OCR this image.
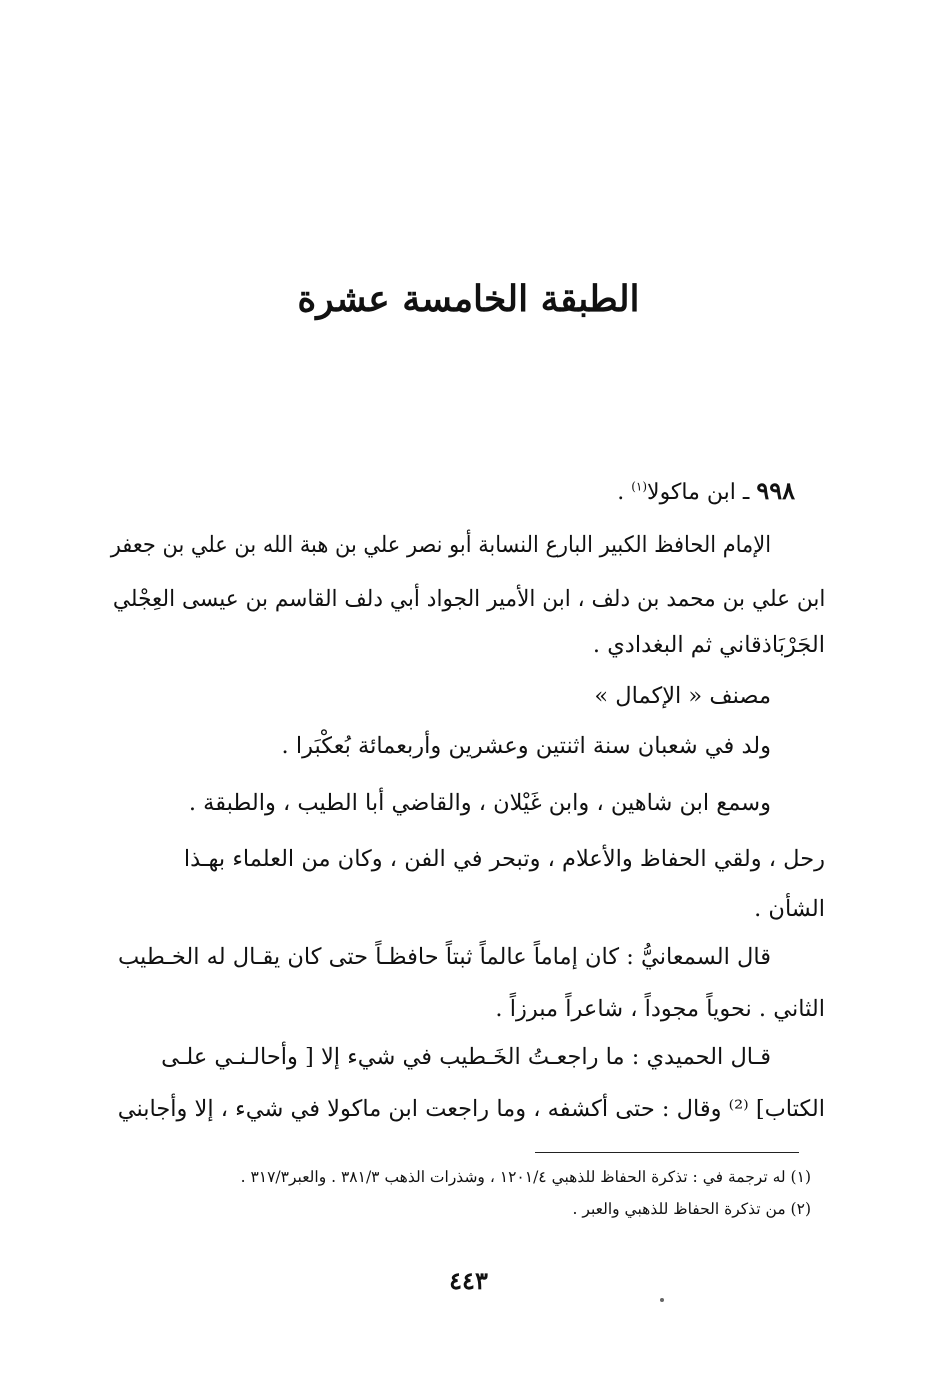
الطبقة الخامسة عشرة
٩٩٨ ـ ابن ماكولا$^{(١)}$ .
الإمام الحافظ الكبير البارع النسابة أبو نصر علي بن هبة الله بن علي بن جعفر
ابن علي بن محمد بن دلف ، ابن الأمير الجواد أبي دلف القاسم بن عيسى العِجْلي
الجَرْبَاذقاني ثم البغدادي .
مصنف « الإكمال »
ولد في شعبان سنة اثنتين وعشرين وأربعمائة بُعكْبَرا .
وسمع ابن شاهين ، وابن غَيْلان ، والقاضي أبا الطيب ، والطبقة .
رحل ، ولقي الحفاظ والأعلام ، وتبحر في الفن ، وكان من العلماء بهـذا
الشأن .
قال السمعانيُّ : كان إماماً عالماً ثبتاً حافظـاً حتى كان يقـال له الخـطيب
الثاني . نحوياً مجوداً ، شاعراً مبرزاً .
قـال الحميدي : ما راجعـتُ الخَـطيب في شيء إلا [ وأحالـنـي علـى
الكتاب] ⁽²⁾ وقال : حتى أكشفه ، وما راجعت ابن ماكولا في شيء ، إلا وأجابني
(١) له ترجمة في : تذكرة الحفاظ للذهبي ١٢٠١/٤ ، وشذرات الذهب ٣٨١/٣ . والعبر٣١٧/٣ .
(٢) من تذكرة الحفاظ للذهبي والعبر .
٤٤٣
